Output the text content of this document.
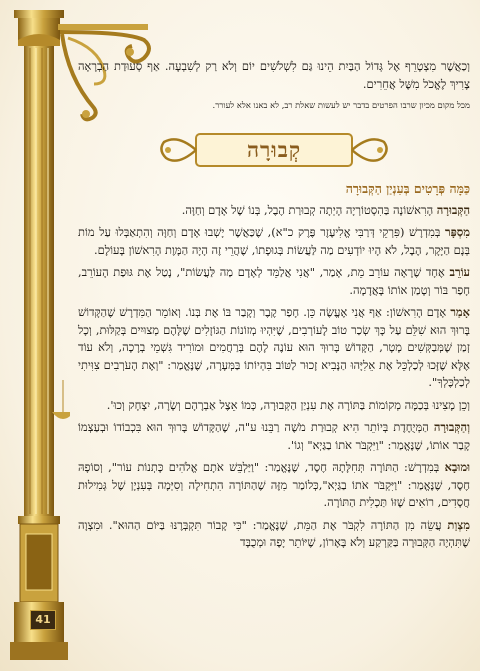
41

וְכַאֲשֶׁר מִצְטָרֵף אֶל גְּדוֹל הַבַּיִת הֵינוּ גַּם לִשְׁלֹשִׁים יוֹם וְלֹא רַק לְשִׁבְעָה. אַף סְעוּדַת הַבְרָאָה צָרִיךְ לֶאֱכֹל מִשֶּׁל אֲחֵרִים.

מכל מקום מכיון שרבו הפרטים בדבר יש לעשות שאלת רב, לא באנו אלא לעורר.

קְבוּרָה

כַּמָּה פְּרָטִים בְּעִנְיַן הַקְּבוּרָה

הַקְּבוּרָה הָרִאשׁוֹנָה בַּהִסְטוֹרְיָה הָיְתָה קְבוּרַת הֶבֶל, בְּנוֹ שֶׁל אָדָם וְחַוָּה.

מִסְפָּר בְּמִדְרָשׁ (פִּרְקֵי דְּרַבִּי אֱלִיעֶזֶר פֶּרֶק כ"א), שֶׁכַּאֲשֶׁר יָשְׁבוּ אָדָם וְחַוָּה וְהִתְאַבְּלוּ עַל מוֹת בְּנָם הַיָּקָר, הֶבֶל, לֹא הָיוּ יוֹדְעִים מַה לַּעֲשׂוֹת בְּגוּפָתוֹ, שֶׁהֲרֵי זֶה הָיָה הַמָּוֶת הָרִאשׁוֹן בָּעוֹלָם.

עוֹרֵב אֶחָד שֶׁרָאָה עוֹרֵב מֵת, אָמַר, "אֲנִי אֲלַמֵּד לְאָדָם מַה לַּעֲשׂוֹת", נָטַל אֶת גּוּפַת הָעוֹרֵב, חָפַר בּוֹר וְטָמַן אוֹתוֹ בָּאֲדָמָה.

אָמַר אָדָם הָרִאשׁוֹן: אַף אֲנִי אֶעֱשֶׂה כֵּן. חָפַר קֶבֶר וְקָבַר בּוֹ אֶת בְּנוֹ. וְאוֹמֵר הַמִּדְרָשׁ שֶׁהַקָּדוֹשׁ בָּרוּךְ הוּא שִׁלֵּם עַל כָּךְ שְׂכַר טוֹב לָעוֹרְבִים, שֶׁיִּהְיוּ מְזוֹנוֹת הַגּוֹזָלִים שֶׁלָּהֶם מְצוּיִים בְּקַלּוּת, וְכָל זְמַן שֶׁמְּבַקְּשִׁים מָטָר, הַקָּדוֹשׁ בָּרוּךְ הוּא עוֹנֶה לָהֶם בְּרַחֲמִים וּמוֹרִיד גִּשְׁמֵי בְרָכָה, וְלֹא עוֹד אֶלָּא שֶׁזָּכוּ לְכַלְכֵּל אֶת אֵלִיָּהוּ הַנָּבִיא זָכוּר לַטּוֹב בִּהְיוֹתוֹ בַּמְּעָרָה, שֶׁנֶּאֱמַר: "וְאֶת הָעֹרְבִים צִוִּיתִי לְכַלְכֶּלְךָ".

וְכֵן מָצִינוּ בְּכַמָּה מְקוֹמוֹת בַּתּוֹרָה אֶת עִנְיַן הַקְּבוּרָה, כְּמוֹ אֵצֶל אַבְרָהָם וְשָׂרָה, יִצְחָק וְכוּ'.

וְהַקְּבוּרָה הַמְּיֻחֶדֶת בְּיוֹתֵר הִיא קְבוּרַת מֹשֶׁה רַבֵּנוּ ע"ה, שֶׁהַקָּדוֹשׁ בָּרוּךְ הוּא בִּכְבוֹדוֹ וּבְעַצְמוֹ קָבַר אוֹתוֹ, שֶׁנֶּאֱמַר: "וַיִּקְבֹּר אֹתוֹ בַגַּיְא" וְגוֹ'.

וּמוּבָא בְּמִדְרָשׁ: הַתּוֹרָה תְּחִלָּתָהּ חֶסֶד, שֶׁנֶּאֱמַר: "וַיַּלְבֵּשׁ אֹתָם אֱלֹהִים כָּתְנוֹת עוֹר", וְסוֹפָהּ חֶסֶד, שֶׁנֶּאֱמַר: "וַיִּקְבֹּר אֹתוֹ בַגַּיְא",כְּלוֹמַר מִזֶּה שֶׁהַתּוֹרָה הִתְחִילָה וְסִיְּמָה בְּעִנְיָן שֶׁל גְּמִילוּת חֲסָדִים, רוֹאִים שֶׁזּוֹ תַּכְלִית הַתּוֹרָה.

מִצְוַת עֲשֵׂה מִן הַתּוֹרָה לִקְבֹּר אֶת הַמֵּת, שֶׁנֶּאֱמַר: "כִּי קָבוֹר תִּקְבְּרֶנּוּ בַּיּוֹם הַהוּא". וּמִצְוָה שֶׁתִּהְיֶה הַקְּבוּרָה בַּקַּרְקַע וְלֹא בָּאָרוֹן, שֶׁיּוֹתֵר יָפֶה וּמְכֻבָּד
